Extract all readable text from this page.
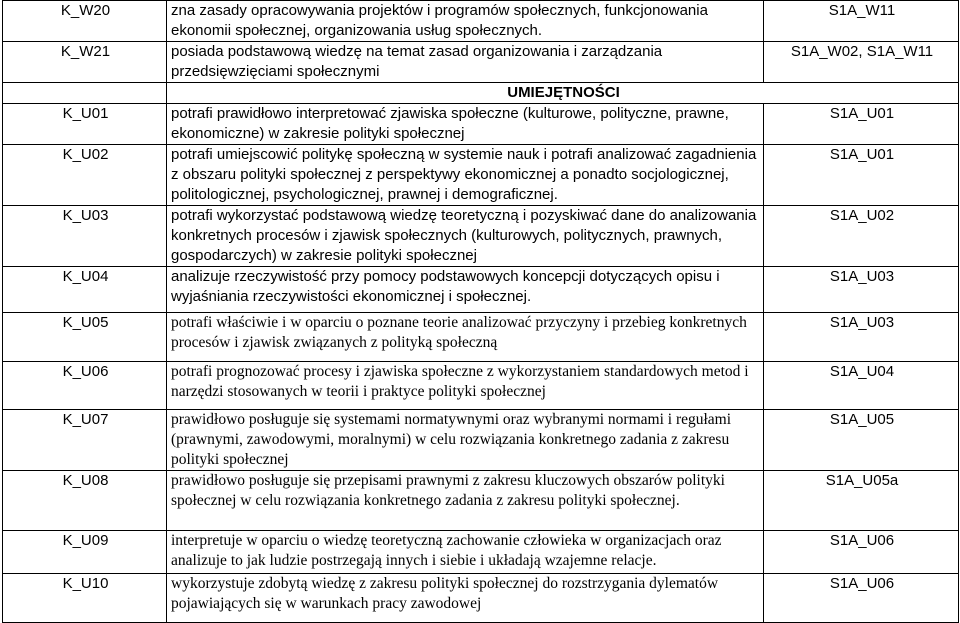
K_W20	zna zasady opracowywania projektów i programów społecznych, funkcjonowania ekonomii społecznej, organizowania usług społecznych.	S1A_W11
K_W21	posiada podstawową wiedzę na temat zasad organizowania i zarządzania przedsięwzięciami społecznymi	S1A_W02, S1A_W11
	UMIEJĘTNOŚCI	
K_U01	potrafi prawidłowo interpretować zjawiska społeczne (kulturowe, polityczne, prawne, ekonomiczne) w zakresie polityki społecznej	S1A_U01
K_U02	potrafi umiejscowić politykę społeczną w systemie nauk i potrafi analizować zagadnienia z obszaru polityki społecznej z perspektywy ekonomicznej a ponadto socjologicznej, politologicznej, psychologicznej, prawnej i demograficznej.	S1A_U01
K_U03	potrafi wykorzystać podstawową wiedzę teoretyczną i pozyskiwać dane do analizowania konkretnych procesów i zjawisk społecznych (kulturowych, politycznych, prawnych, gospodarczych) w zakresie polityki społecznej	S1A_U02
K_U04	analizuje rzeczywistość przy pomocy podstawowych koncepcji dotyczących opisu i wyjaśniania rzeczywistości ekonomicznej i społecznej.	S1A_U03
K_U05	potrafi właściwie i w oparciu o poznane teorie analizować przyczyny i przebieg konkretnych procesów i zjawisk związanych z polityką społeczną	S1A_U03
K_U06	potrafi prognozować procesy i zjawiska społeczne z wykorzystaniem standardowych metod i narzędzi stosowanych w teorii i praktyce polityki społecznej	S1A_U04
K_U07	prawidłowo posługuje się systemami normatywnymi oraz wybranymi normami i regułami (prawnymi, zawodowymi, moralnymi) w celu rozwiązania konkretnego zadania z zakresu polityki społecznej	S1A_U05
K_U08	prawidłowo posługuje się przepisami prawnymi z zakresu kluczowych obszarów polityki społecznej w celu rozwiązania konkretnego zadania z zakresu polityki społecznej.	S1A_U05a
K_U09	interpretuje w oparciu o wiedzę teoretyczną zachowanie człowieka w organizacjach oraz analizuje to jak ludzie postrzegają innych i siebie i układają wzajemne relacje.	S1A_U06
K_U10	wykorzystuje zdobytą wiedzę z zakresu polityki społecznej do rozstrzygania dylematów pojawiających się w warunkach pracy zawodowej	S1A_U06
